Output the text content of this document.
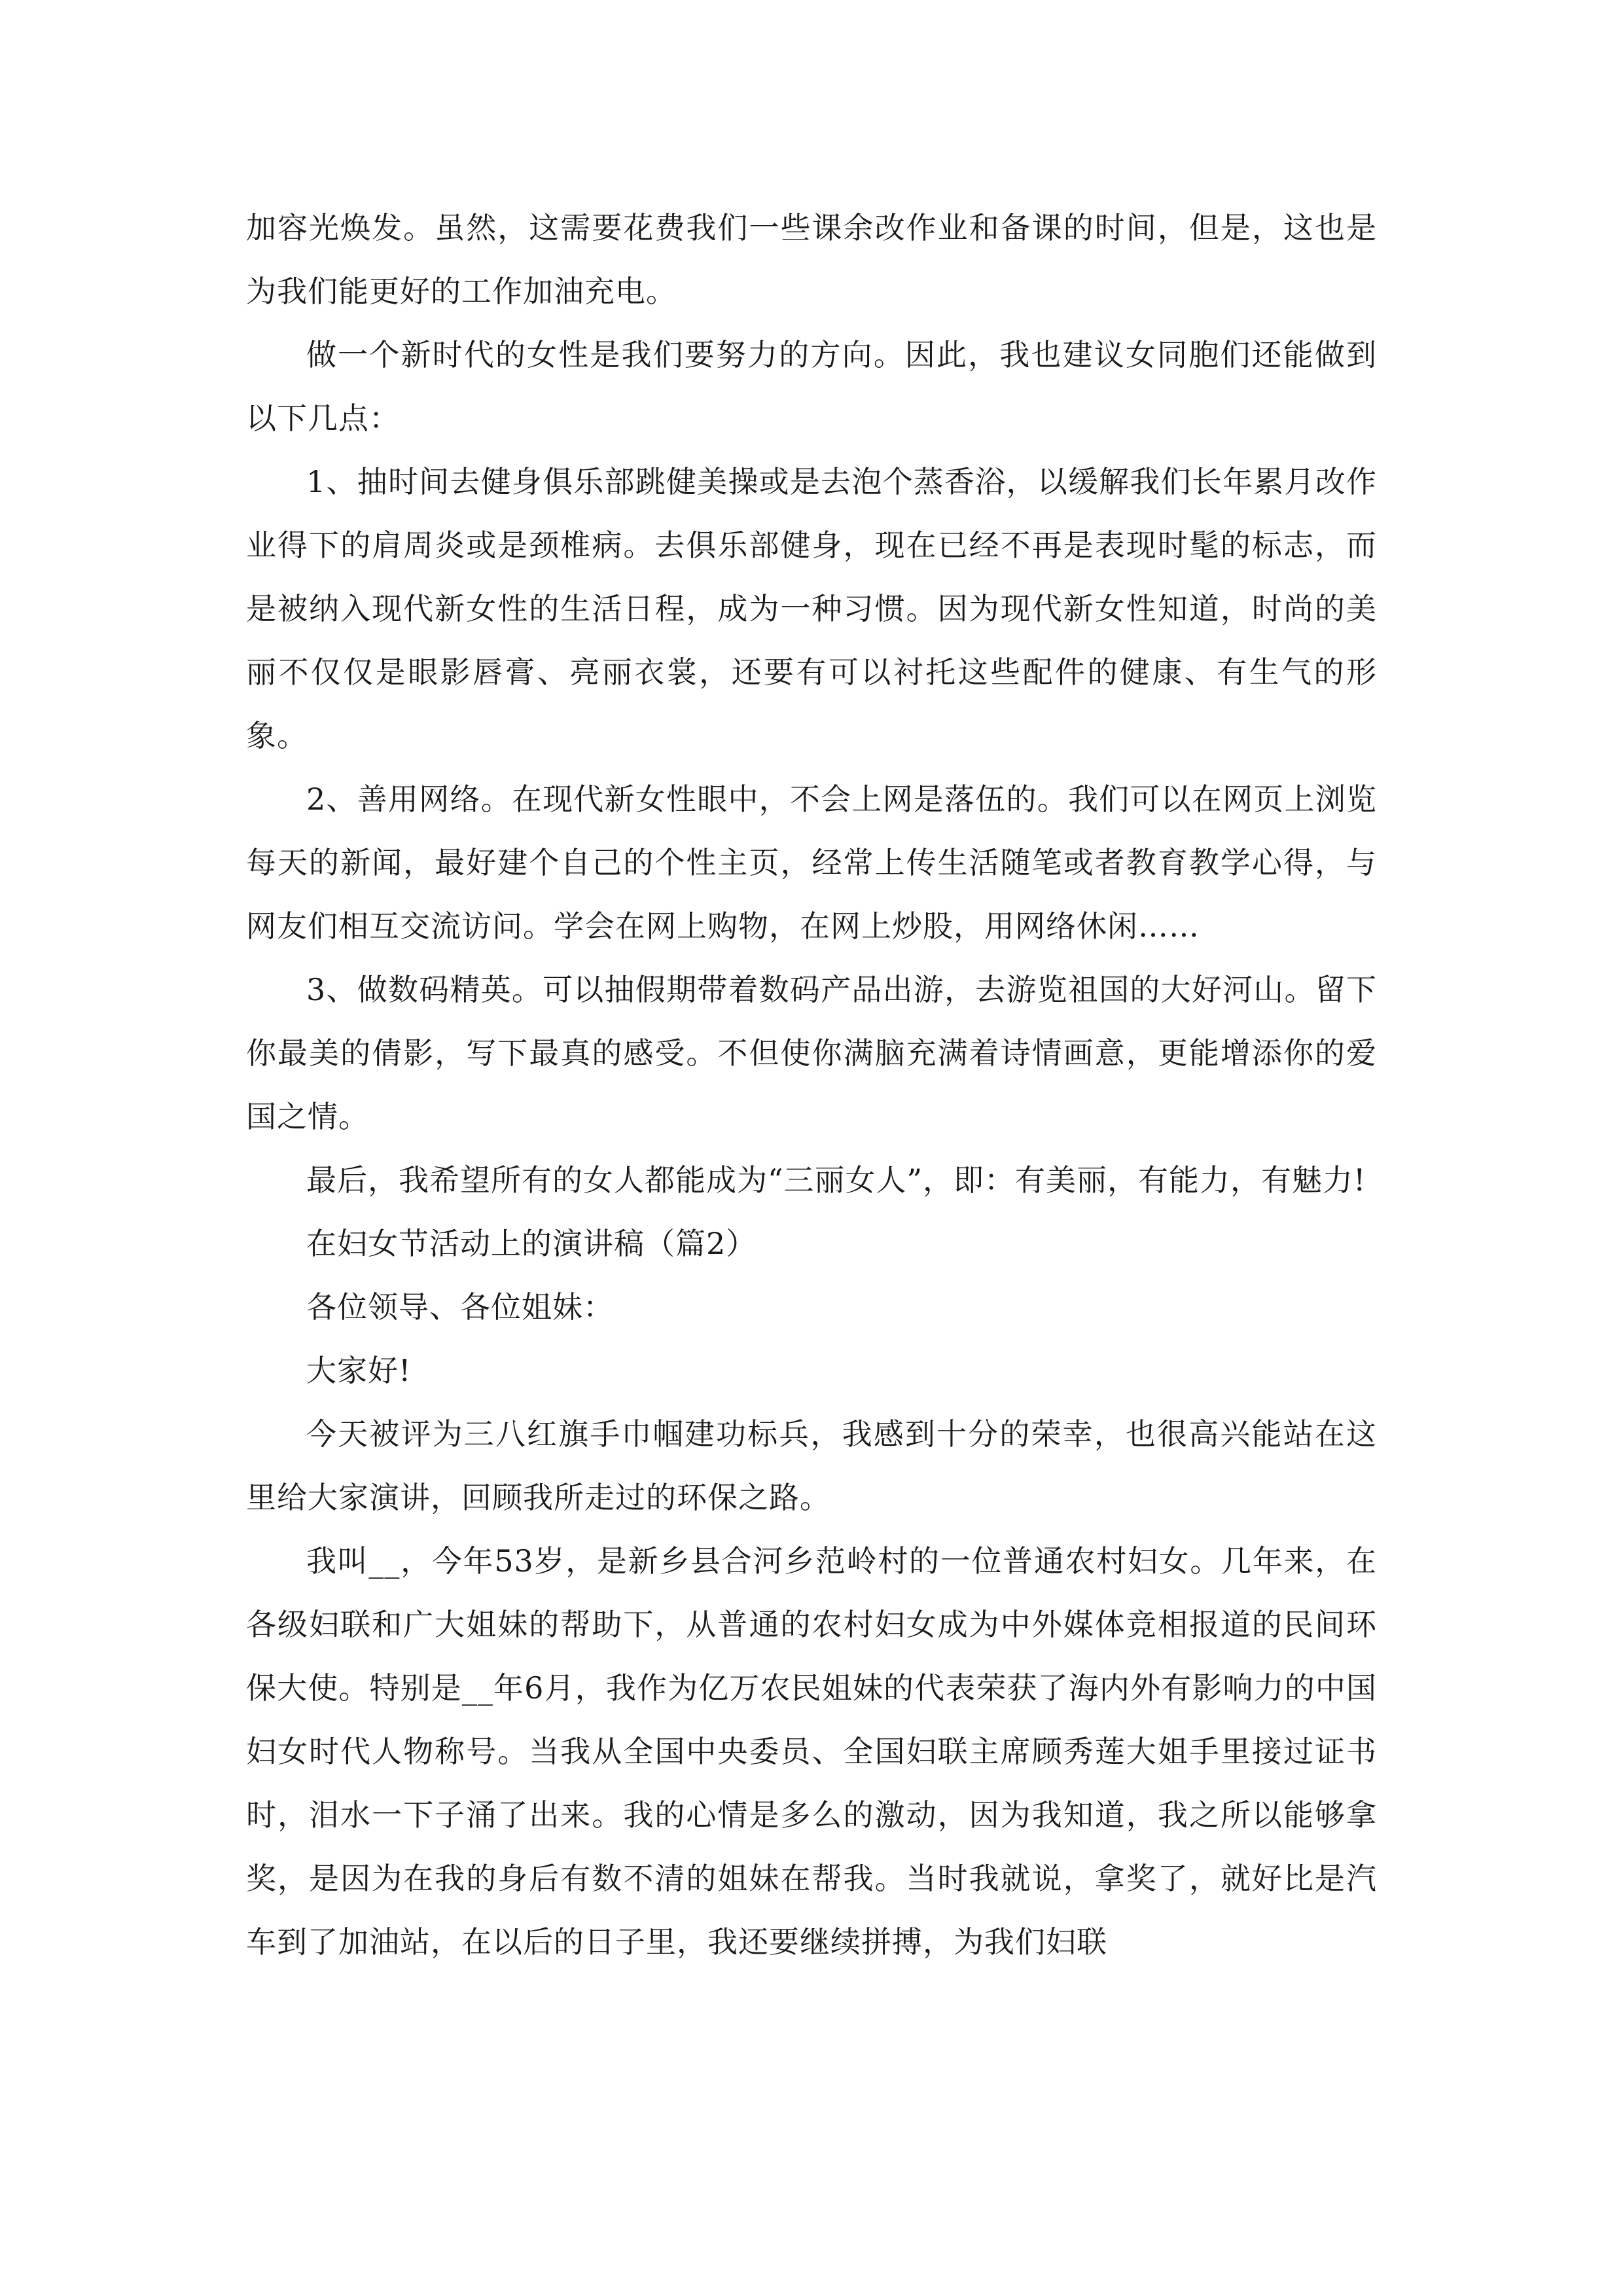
加容光焕发。虽然，这需要花费我们一些课余改作业和备课的时间，但是，这也是为我们能更好的工作加油充电。

做一个新时代的女性是我们要努力的方向。因此，我也建议女同胞们还能做到以下几点：

1、抽时间去健身俱乐部跳健美操或是去泡个蒸香浴，以缓解我们长年累月改作业得下的肩周炎或是颈椎病。去俱乐部健身，现在已经不再是表现时髦的标志，而是被纳入现代新女性的生活日程，成为一种习惯。因为现代新女性知道，时尚的美丽不仅仅是眼影唇膏、亮丽衣裳，还要有可以衬托这些配件的健康、有生气的形象。

2、善用网络。在现代新女性眼中，不会上网是落伍的。我们可以在网页上浏览每天的新闻，最好建个自己的个性主页，经常上传生活随笔或者教育教学心得，与网友们相互交流访问。学会在网上购物，在网上炒股，用网络休闲……

3、做数码精英。可以抽假期带着数码产品出游，去游览祖国的大好河山。留下你最美的倩影，写下最真的感受。不但使你满脑充满着诗情画意，更能增添你的爱国之情。

最后，我希望所有的女人都能成为“三丽女人”，即：有美丽，有能力，有魅力!

在妇女节活动上的演讲稿（篇2）

各位领导、各位姐妹：

大家好!

今天被评为三八红旗手巾帼建功标兵，我感到十分的荣幸，也很高兴能站在这里给大家演讲，回顾我所走过的环保之路。

我叫__，今年53岁，是新乡县合河乡范岭村的一位普通农村妇女。几年来，在各级妇联和广大姐妹的帮助下，从普通的农村妇女成为中外媒体竞相报道的民间环保大使。特别是__年6月，我作为亿万农民姐妹的代表荣获了海内外有影响力的中国妇女时代人物称号。当我从全国中央委员、全国妇联主席顾秀莲大姐手里接过证书时，泪水一下子涌了出来。我的心情是多么的激动，因为我知道，我之所以能够拿奖，是因为在我的身后有数不清的姐妹在帮我。当时我就说，拿奖了，就好比是汽车到了加油站，在以后的日子里，我还要继续拼搏，为我们妇联
